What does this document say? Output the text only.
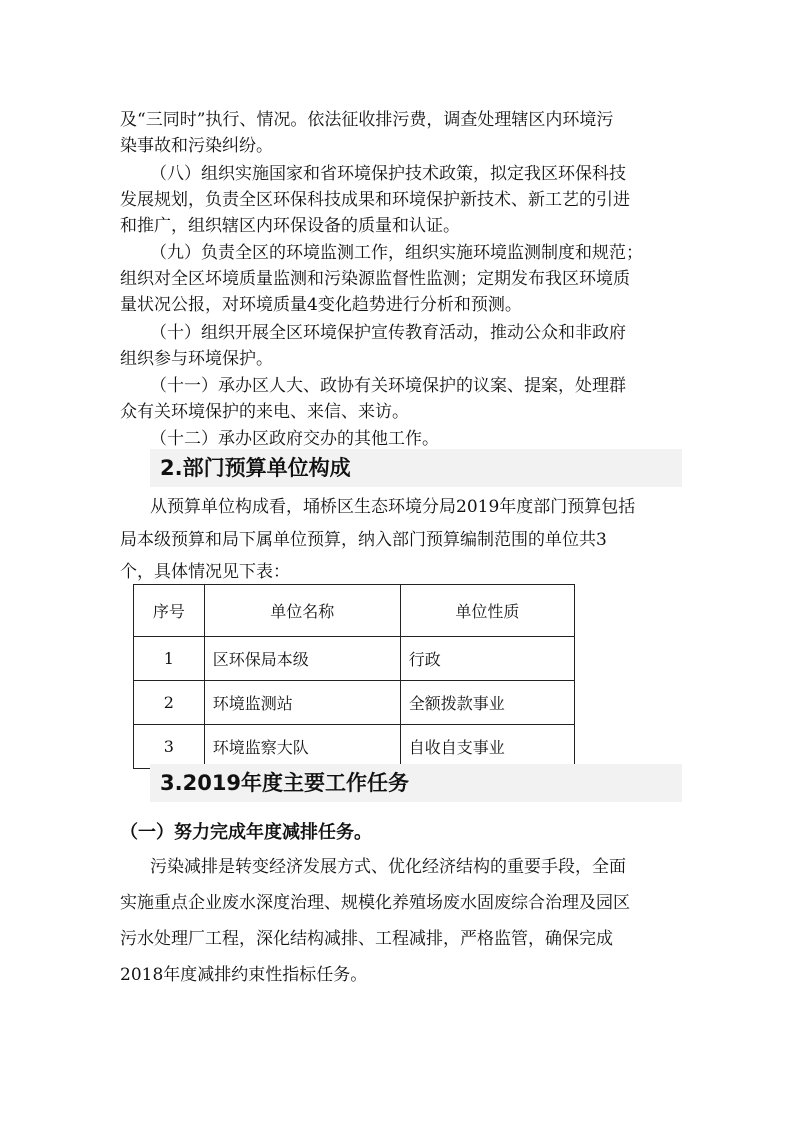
及“三同时”执行、情况。依法征收排污费，调查处理辖区内环境污
染事故和污染纠纷。
（八）组织实施国家和省环境保护技术政策，拟定我区环保科技
发展规划，负责全区环保科技成果和环境保护新技术、新工艺的引进
和推广，组织辖区内环保设备的质量和认证。
（九）负责全区的环境监测工作，组织实施环境监测制度和规范；
组织对全区坏境质量监测和污染源监督性监测；定期发布我区环境质
量状况公报，对环境质量4变化趋势进行分析和预测。
（十）组织开展全区环境保护宣传教育活动，推动公众和非政府
组织参与环境保护。
（十一）承办区人大、政协有关环境保护的议案、提案，处理群
众有关环境保护的来电、来信、来访。
（十二）承办区政府交办的其他工作。
2.部门预算单位构成
从预算单位构成看，埇桥区生态环境分局2019年度部门预算包括
局本级预算和局下属单位预算，纳入部门预算编制范围的单位共3
个，具体情况见下表：
序号	单位名称	单位性质
1	区环保局本级	行政
2	环境监测站	全额拨款事业
3	环境监察大队	自收自支事业
3.2019年度主要工作任务
（一）努力完成年度减排任务。
污染减排是转变经济发展方式、优化经济结构的重要手段，全面
实施重点企业废水深度治理、规模化养殖场废水固废综合治理及园区
污水处理厂工程，深化结构减排、工程减排，严格监管，确保完成
2018年度减排约束性指标任务。
